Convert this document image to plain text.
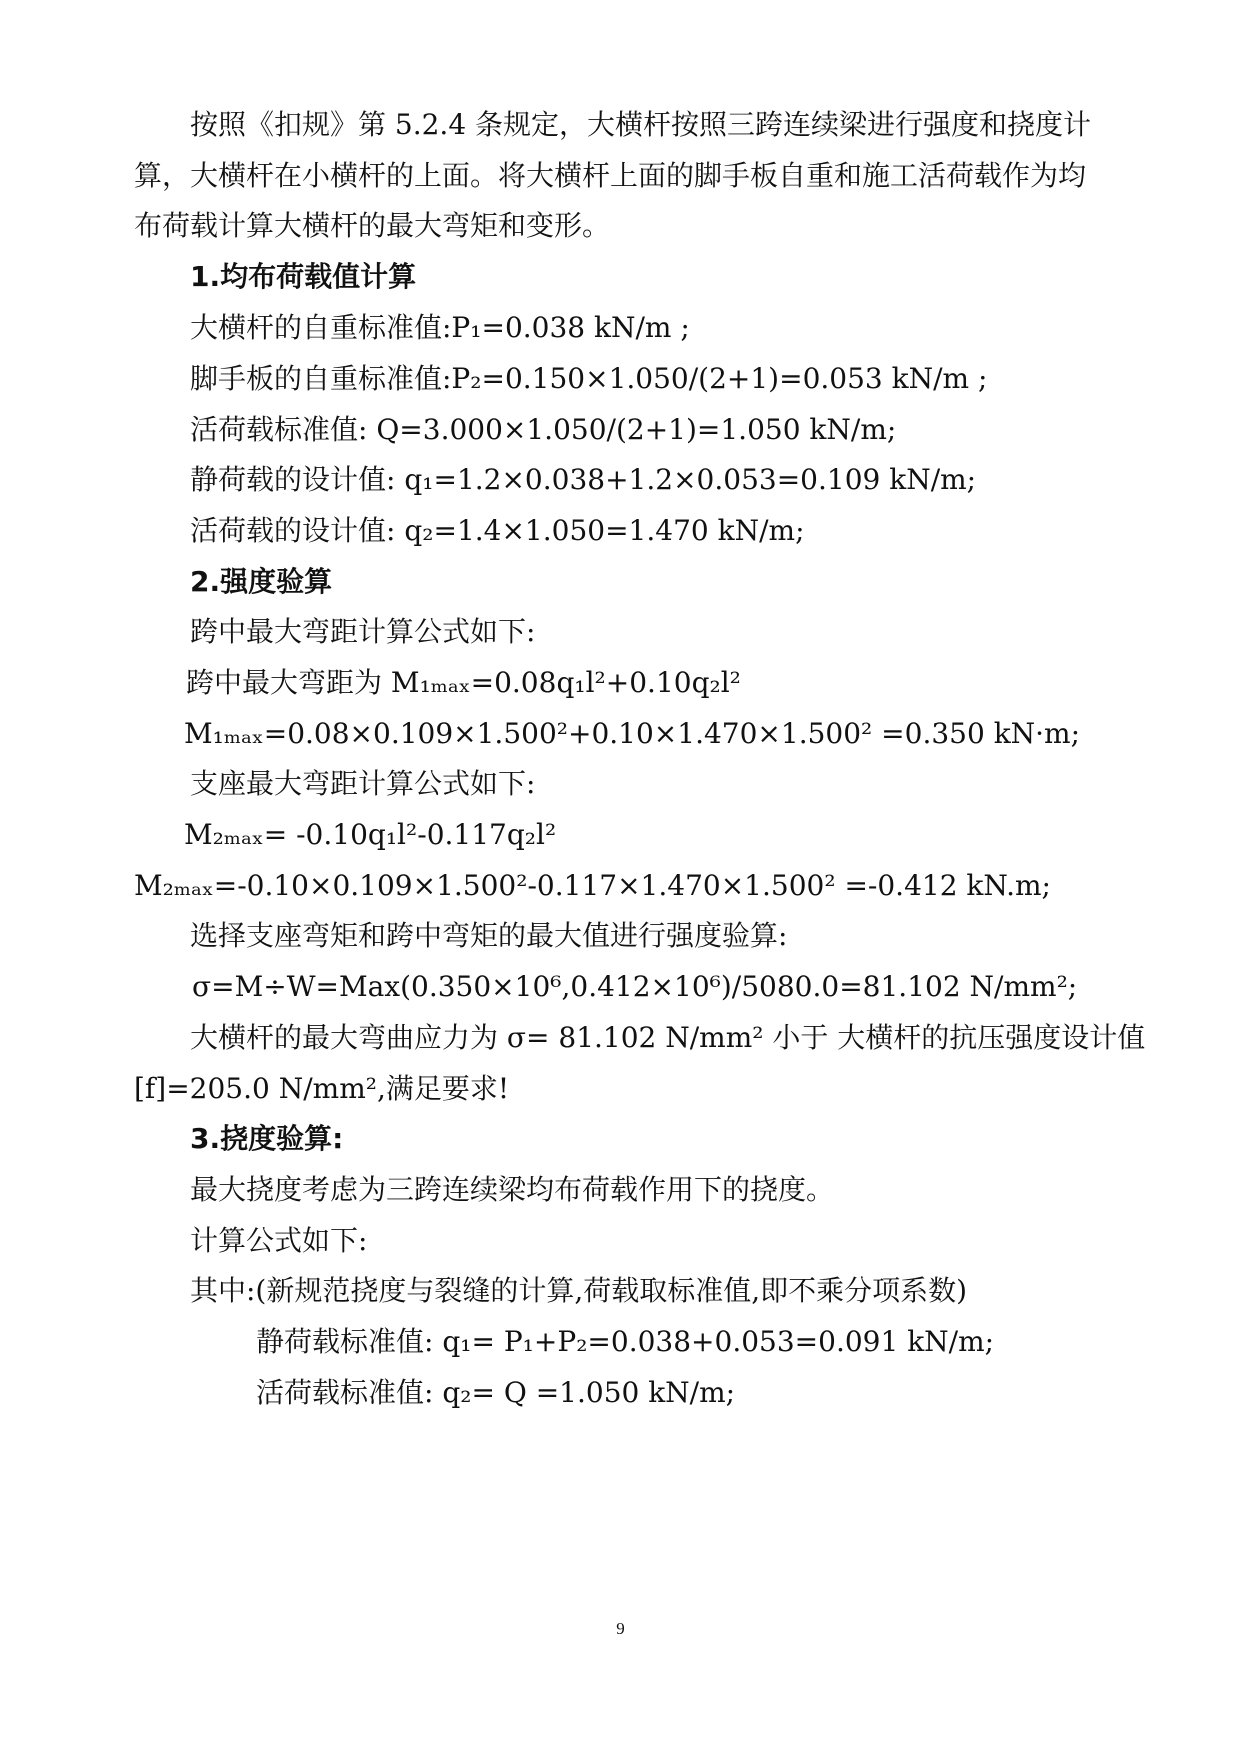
按照《扣规》第 5.2.4 条规定，大横杆按照三跨连续梁进行强度和挠度计
算，大横杆在小横杆的上面。将大横杆上面的脚手板自重和施工活荷载作为均
布荷载计算大横杆的最大弯矩和变形。
1.均布荷载值计算
大横杆的自重标准值:P₁=0.038 kN/m ;
脚手板的自重标准值:P₂=0.150×1.050/(2+1)=0.053 kN/m ;
活荷载标准值: Q=3.000×1.050/(2+1)=1.050 kN/m;
静荷载的设计值: q₁=1.2×0.038+1.2×0.053=0.109 kN/m;
活荷载的设计值: q₂=1.4×1.050=1.470 kN/m;
2.强度验算
跨中最大弯距计算公式如下:
跨中最大弯距为 M₁ₘₐₓ=0.08q₁l²+0.10q₂l²
M₁ₘₐₓ=0.08×0.109×1.500²+0.10×1.470×1.500² =0.350 kN·m;
支座最大弯距计算公式如下:
M₂ₘₐₓ= -0.10q₁l²-0.117q₂l²
M₂ₘₐₓ=-0.10×0.109×1.500²-0.117×1.470×1.500² =-0.412 kN.m;
选择支座弯矩和跨中弯矩的最大值进行强度验算:
σ=M÷W=Max(0.350×10⁶,0.412×10⁶)/5080.0=81.102 N/mm²;
大横杆的最大弯曲应力为 σ= 81.102 N/mm² 小于 大横杆的抗压强度设计值
[f]=205.0 N/mm²,满足要求!
3.挠度验算:
最大挠度考虑为三跨连续梁均布荷载作用下的挠度。
计算公式如下:
其中:(新规范挠度与裂缝的计算,荷载取标准值,即不乘分项系数)
静荷载标准值: q₁= P₁+P₂=0.038+0.053=0.091 kN/m;
活荷载标准值: q₂= Q =1.050 kN/m;
9
